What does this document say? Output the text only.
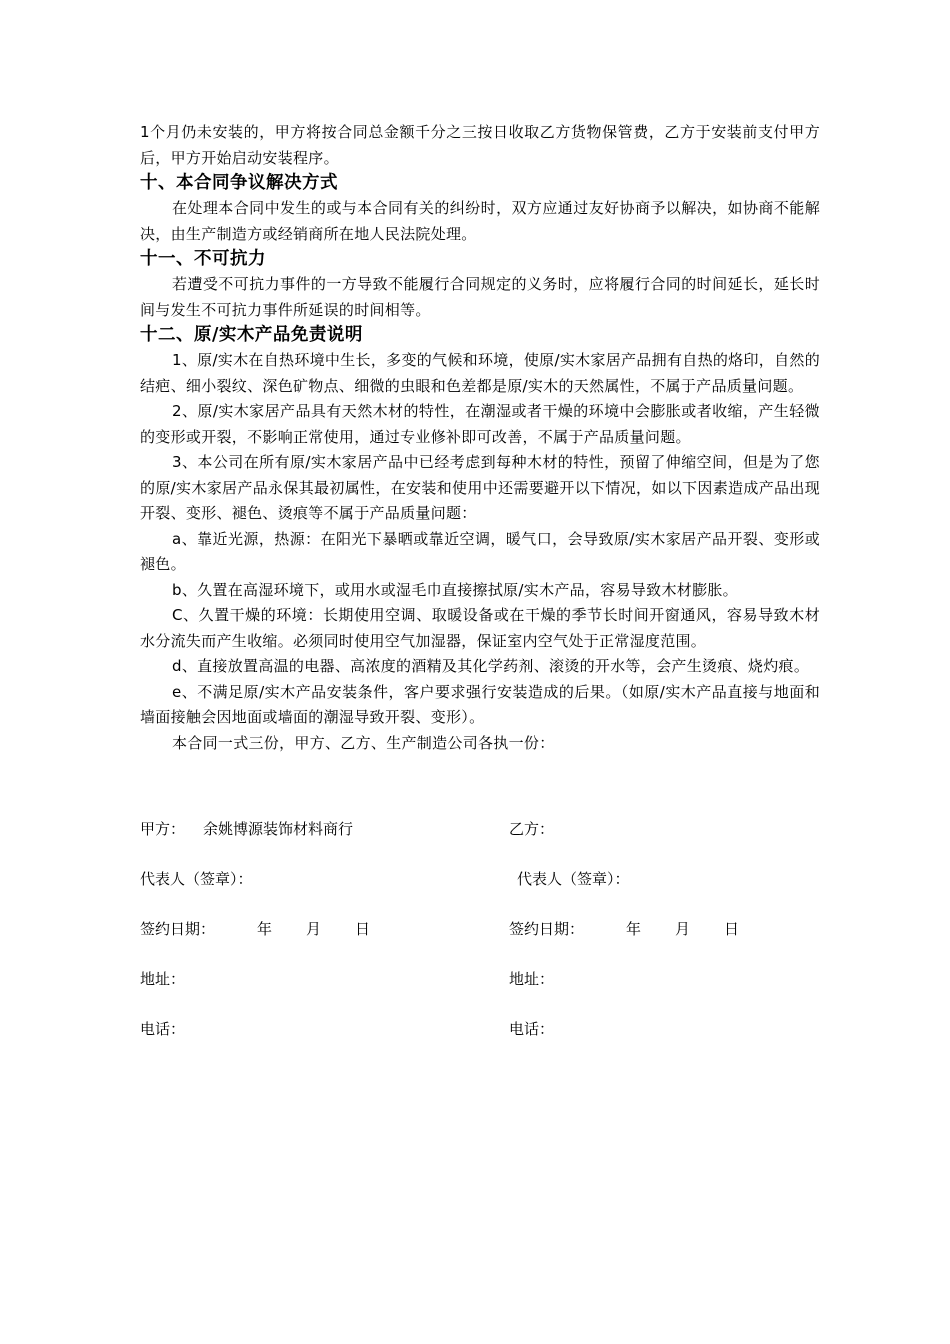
1个月仍未安装的，甲方将按合同总金额千分之三按日收取乙方货物保管费，乙方于安装前支付甲方后，甲方开始启动安装程序。

十、本合同争议解决方式

在处理本合同中发生的或与本合同有关的纠纷时，双方应通过友好协商予以解决，如协商不能解决，由生产制造方或经销商所在地人民法院处理。

十一、不可抗力

若遭受不可抗力事件的一方导致不能履行合同规定的义务时，应将履行合同的时间延长，延长时间与发生不可抗力事件所延误的时间相等。

十二、原/实木产品免责说明

1、原/实木在自热环境中生长，多变的气候和环境，使原/实木家居产品拥有自热的烙印，自然的结疤、细小裂纹、深色矿物点、细微的虫眼和色差都是原/实木的天然属性，不属于产品质量问题。

2、原/实木家居产品具有天然木材的特性，在潮湿或者干燥的环境中会膨胀或者收缩，产生轻微的变形或开裂，不影响正常使用，通过专业修补即可改善，不属于产品质量问题。

3、本公司在所有原/实木家居产品中已经考虑到每种木材的特性，预留了伸缩空间，但是为了您的原/实木家居产品永保其最初属性，在安装和使用中还需要避开以下情况，如以下因素造成产品出现开裂、变形、褪色、烫痕等不属于产品质量问题：

a、靠近光源，热源：在阳光下暴晒或靠近空调，暖气口，会导致原/实木家居产品开裂、变形或褪色。

b、久置在高湿环境下，或用水或湿毛巾直接擦拭原/实木产品，容易导致木材膨胀。

C、久置干燥的环境：长期使用空调、取暖设备或在干燥的季节长时间开窗通风，容易导致木材水分流失而产生收缩。必须同时使用空气加湿器，保证室内空气处于正常湿度范围。

d、直接放置高温的电器、高浓度的酒精及其化学药剂、滚烫的开水等，会产生烫痕、烧灼痕。

e、不满足原/实木产品安装条件，客户要求强行安装造成的后果。（如原/实木产品直接与地面和墙面接触会因地面或墙面的潮湿导致开裂、变形）。

本合同一式三份，甲方、乙方、生产制造公司各执一份：

甲方： 余姚博源装饰材料商行	乙方：
代表人（签章）：	代表人（签章）：
签约日期：	年 月 日	签约日期：	年 月 日
地址：	地址：
电话：	电话：
